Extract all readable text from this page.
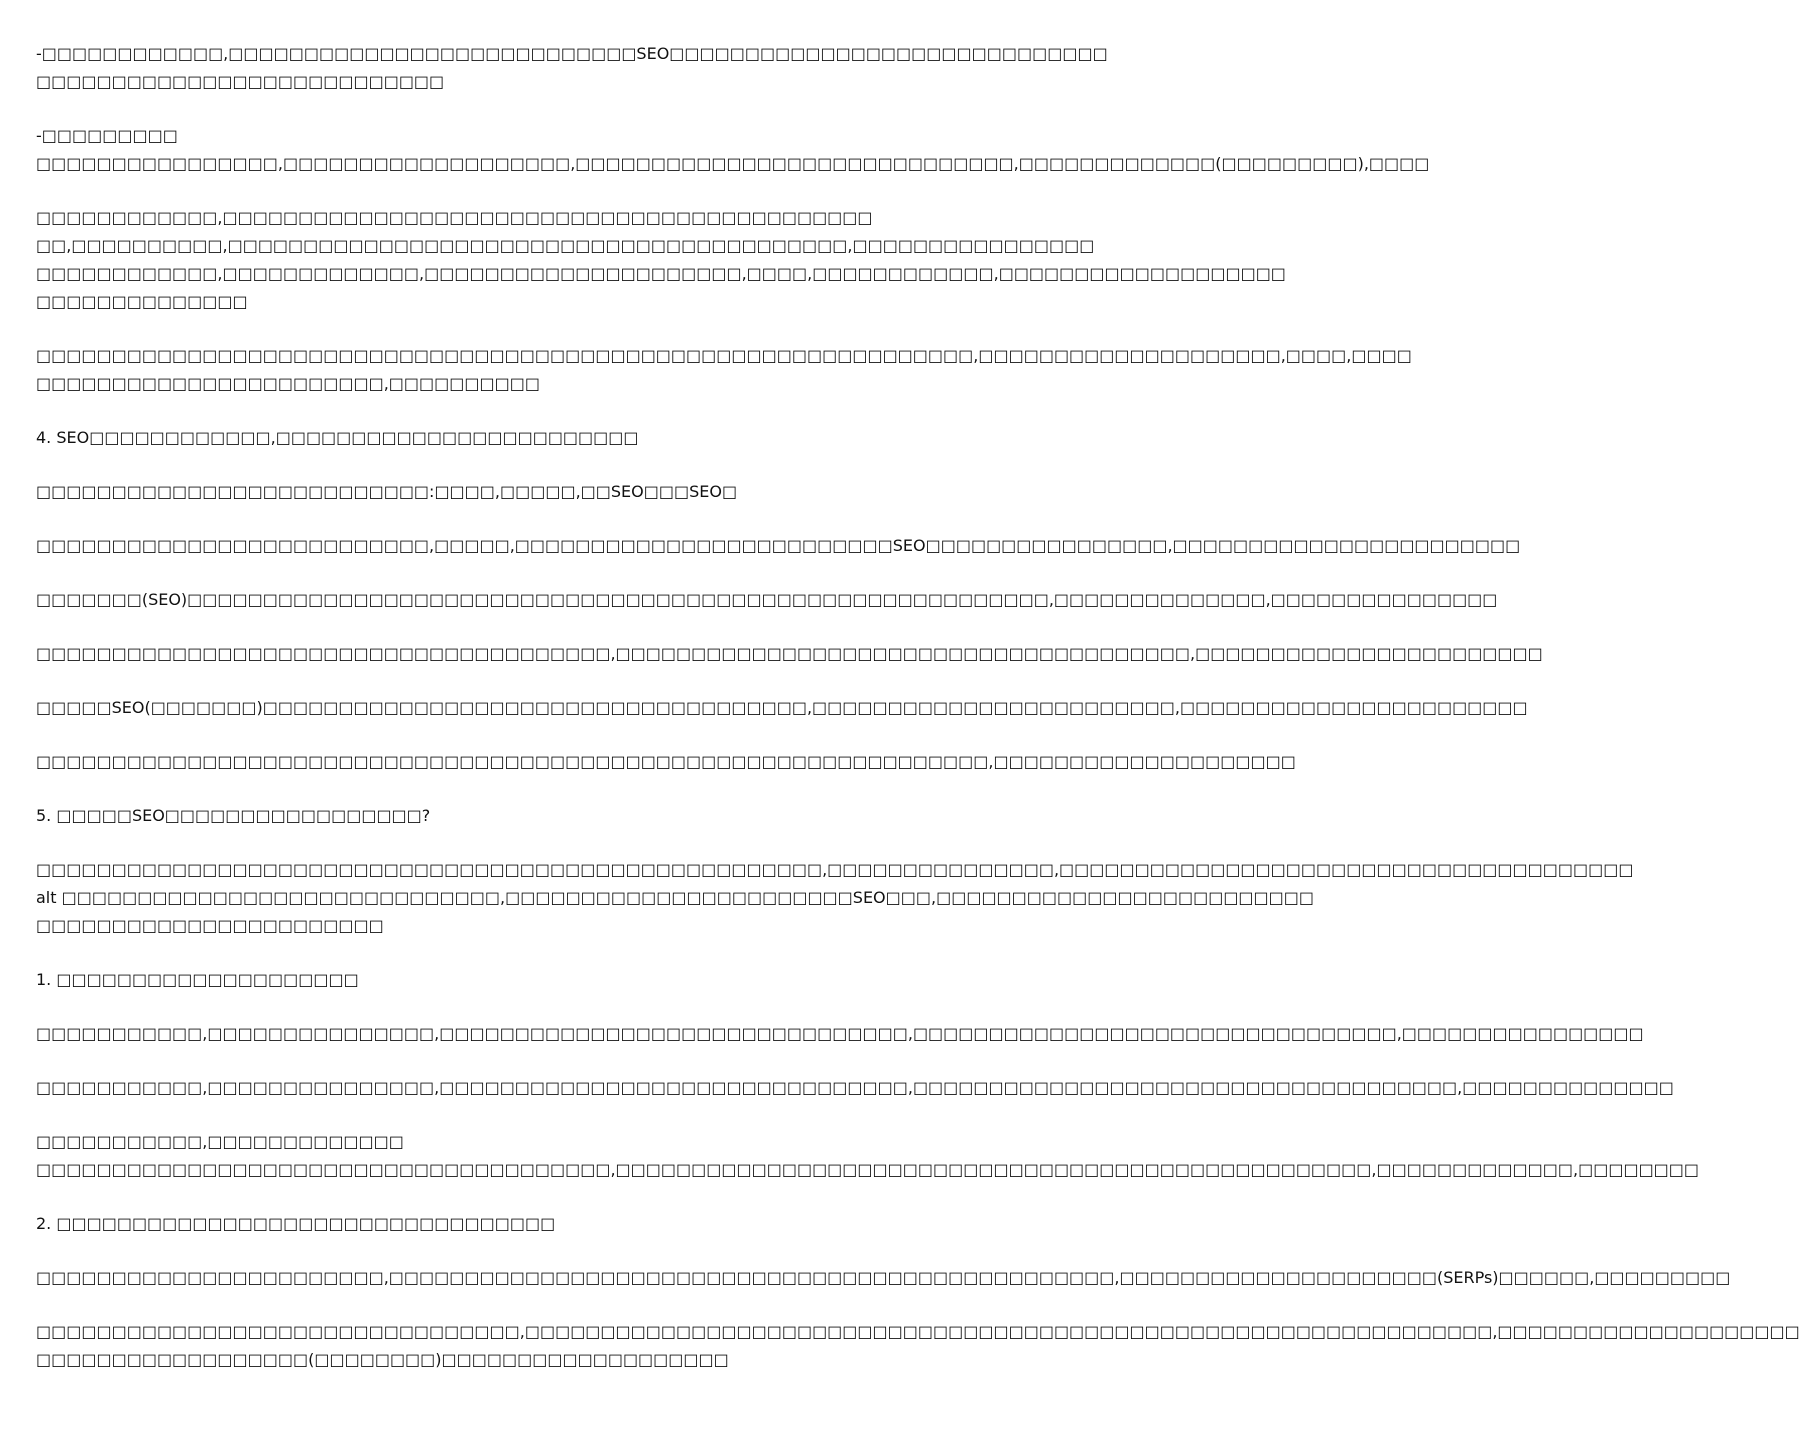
-□□□□□□□□□□□□,□□□□□□□□□□□□□□□□□□□□□□□□□□□SEO□□□□□□□□□□□□□□□□□□□□□□□□□□□□□
□□□□□□□□□□□□□□□□□□□□□□□□□□□
-□□□□□□□□□
□□□□□□□□□□□□□□□□,□□□□□□□□□□□□□□□□□□□,□□□□□□□□□□□□□□□□□□□□□□□□□□□□□,□□□□□□□□□□□□□(□□□□□□□□□),□□□□
□□□□□□□□□□□□,□□□□□□□□□□□□□□□□□□□□□□□□□□□□□□□□□□□□□□□□□□□
□□,□□□□□□□□□□,□□□□□□□□□□□□□□□□□□□□□□□□□□□□□□□□□□□□□□□□□,□□□□□□□□□□□□□□□□
□□□□□□□□□□□□,□□□□□□□□□□□□□,□□□□□□□□□□□□□□□□□□□□□,□□□□,□□□□□□□□□□□□,□□□□□□□□□□□□□□□□□□□
□□□□□□□□□□□□□□
□□□□□□□□□□□□□□□□□□□□□□□□□□□□□□□□□□□□□□□□□□□□□□□□□□□□□□□□□□□□□□,□□□□□□□□□□□□□□□□□□□□,□□□□,□□□□
□□□□□□□□□□□□□□□□□□□□□□□,□□□□□□□□□□
4. SEO□□□□□□□□□□□□,□□□□□□□□□□□□□□□□□□□□□□□□
□□□□□□□□□□□□□□□□□□□□□□□□□□:□□□□,□□□□□,□□SEO□□□SEO□
□□□□□□□□□□□□□□□□□□□□□□□□□□,□□□□□,□□□□□□□□□□□□□□□□□□□□□□□□□SEO□□□□□□□□□□□□□□□□,□□□□□□□□□□□□□□□□□□□□□□□
□□□□□□□(SEO)□□□□□□□□□□□□□□□□□□□□□□□□□□□□□□□□□□□□□□□□□□□□□□□□□□□□□□□□□,□□□□□□□□□□□□□□,□□□□□□□□□□□□□□□
□□□□□□□□□□□□□□□□□□□□□□□□□□□□□□□□□□□□□□,□□□□□□□□□□□□□□□□□□□□□□□□□□□□□□□□□□□□□□,□□□□□□□□□□□□□□□□□□□□□□□
□□□□□SEO(□□□□□□□)□□□□□□□□□□□□□□□□□□□□□□□□□□□□□□□□□□□□,□□□□□□□□□□□□□□□□□□□□□□□□,□□□□□□□□□□□□□□□□□□□□□□□
□□□□□□□□□□□□□□□□□□□□□□□□□□□□□□□□□□□□□□□□□□□□□□□□□□□□□□□□□□□□□□□,□□□□□□□□□□□□□□□□□□□□
5. □□□□□SEO□□□□□□□□□□□□□□□□□?
□□□□□□□□□□□□□□□□□□□□□□□□□□□□□□□□□□□□□□□□□□□□□□□□□□□□,□□□□□□□□□□□□□□□,□□□□□□□□□□□□□□□□□□□□□□□□□□□□□□□□□□□□□□
alt □□□□□□□□□□□□□□□□□□□□□□□□□□□□□,□□□□□□□□□□□□□□□□□□□□□□□SEO□□□,□□□□□□□□□□□□□□□□□□□□□□□□□
□□□□□□□□□□□□□□□□□□□□□□□
1. □□□□□□□□□□□□□□□□□□□□
□□□□□□□□□□□,□□□□□□□□□□□□□□□,□□□□□□□□□□□□□□□□□□□□□□□□□□□□□□□,□□□□□□□□□□□□□□□□□□□□□□□□□□□□□□□□,□□□□□□□□□□□□□□□□
□□□□□□□□□□□,□□□□□□□□□□□□□□□,□□□□□□□□□□□□□□□□□□□□□□□□□□□□□□□,□□□□□□□□□□□□□□□□□□□□□□□□□□□□□□□□□□□□,□□□□□□□□□□□□□□
□□□□□□□□□□□,□□□□□□□□□□□□□
□□□□□□□□□□□□□□□□□□□□□□□□□□□□□□□□□□□□□□,□□□□□□□□□□□□□□□□□□□□□□□□□□□□□□□□□□□□□□□□□□□□□□□□□□,□□□□□□□□□□□□□,□□□□□□□□
2. □□□□□□□□□□□□□□□□□□□□□□□□□□□□□□□□□
□□□□□□□□□□□□□□□□□□□□□□□,□□□□□□□□□□□□□□□□□□□□□□□□□□□□□□□□□□□□□□□□□□□□□□□□,□□□□□□□□□□□□□□□□□□□□□(SERPs)□□□□□□,□□□□□□□□□
□□□□□□□□□□□□□□□□□□□□□□□□□□□□□□□□,□□□□□□□□□□□□□□□□□□□□□□□□□□□□□□□□□□□□□□□□□□□□□□□□□□□□□□□□□□□□□□□□,□□□□□□□□□□□□□□□□□□□□
□□□□□□□□□□□□□□□□□□(□□□□□□□□)□□□□□□□□□□□□□□□□□□□
